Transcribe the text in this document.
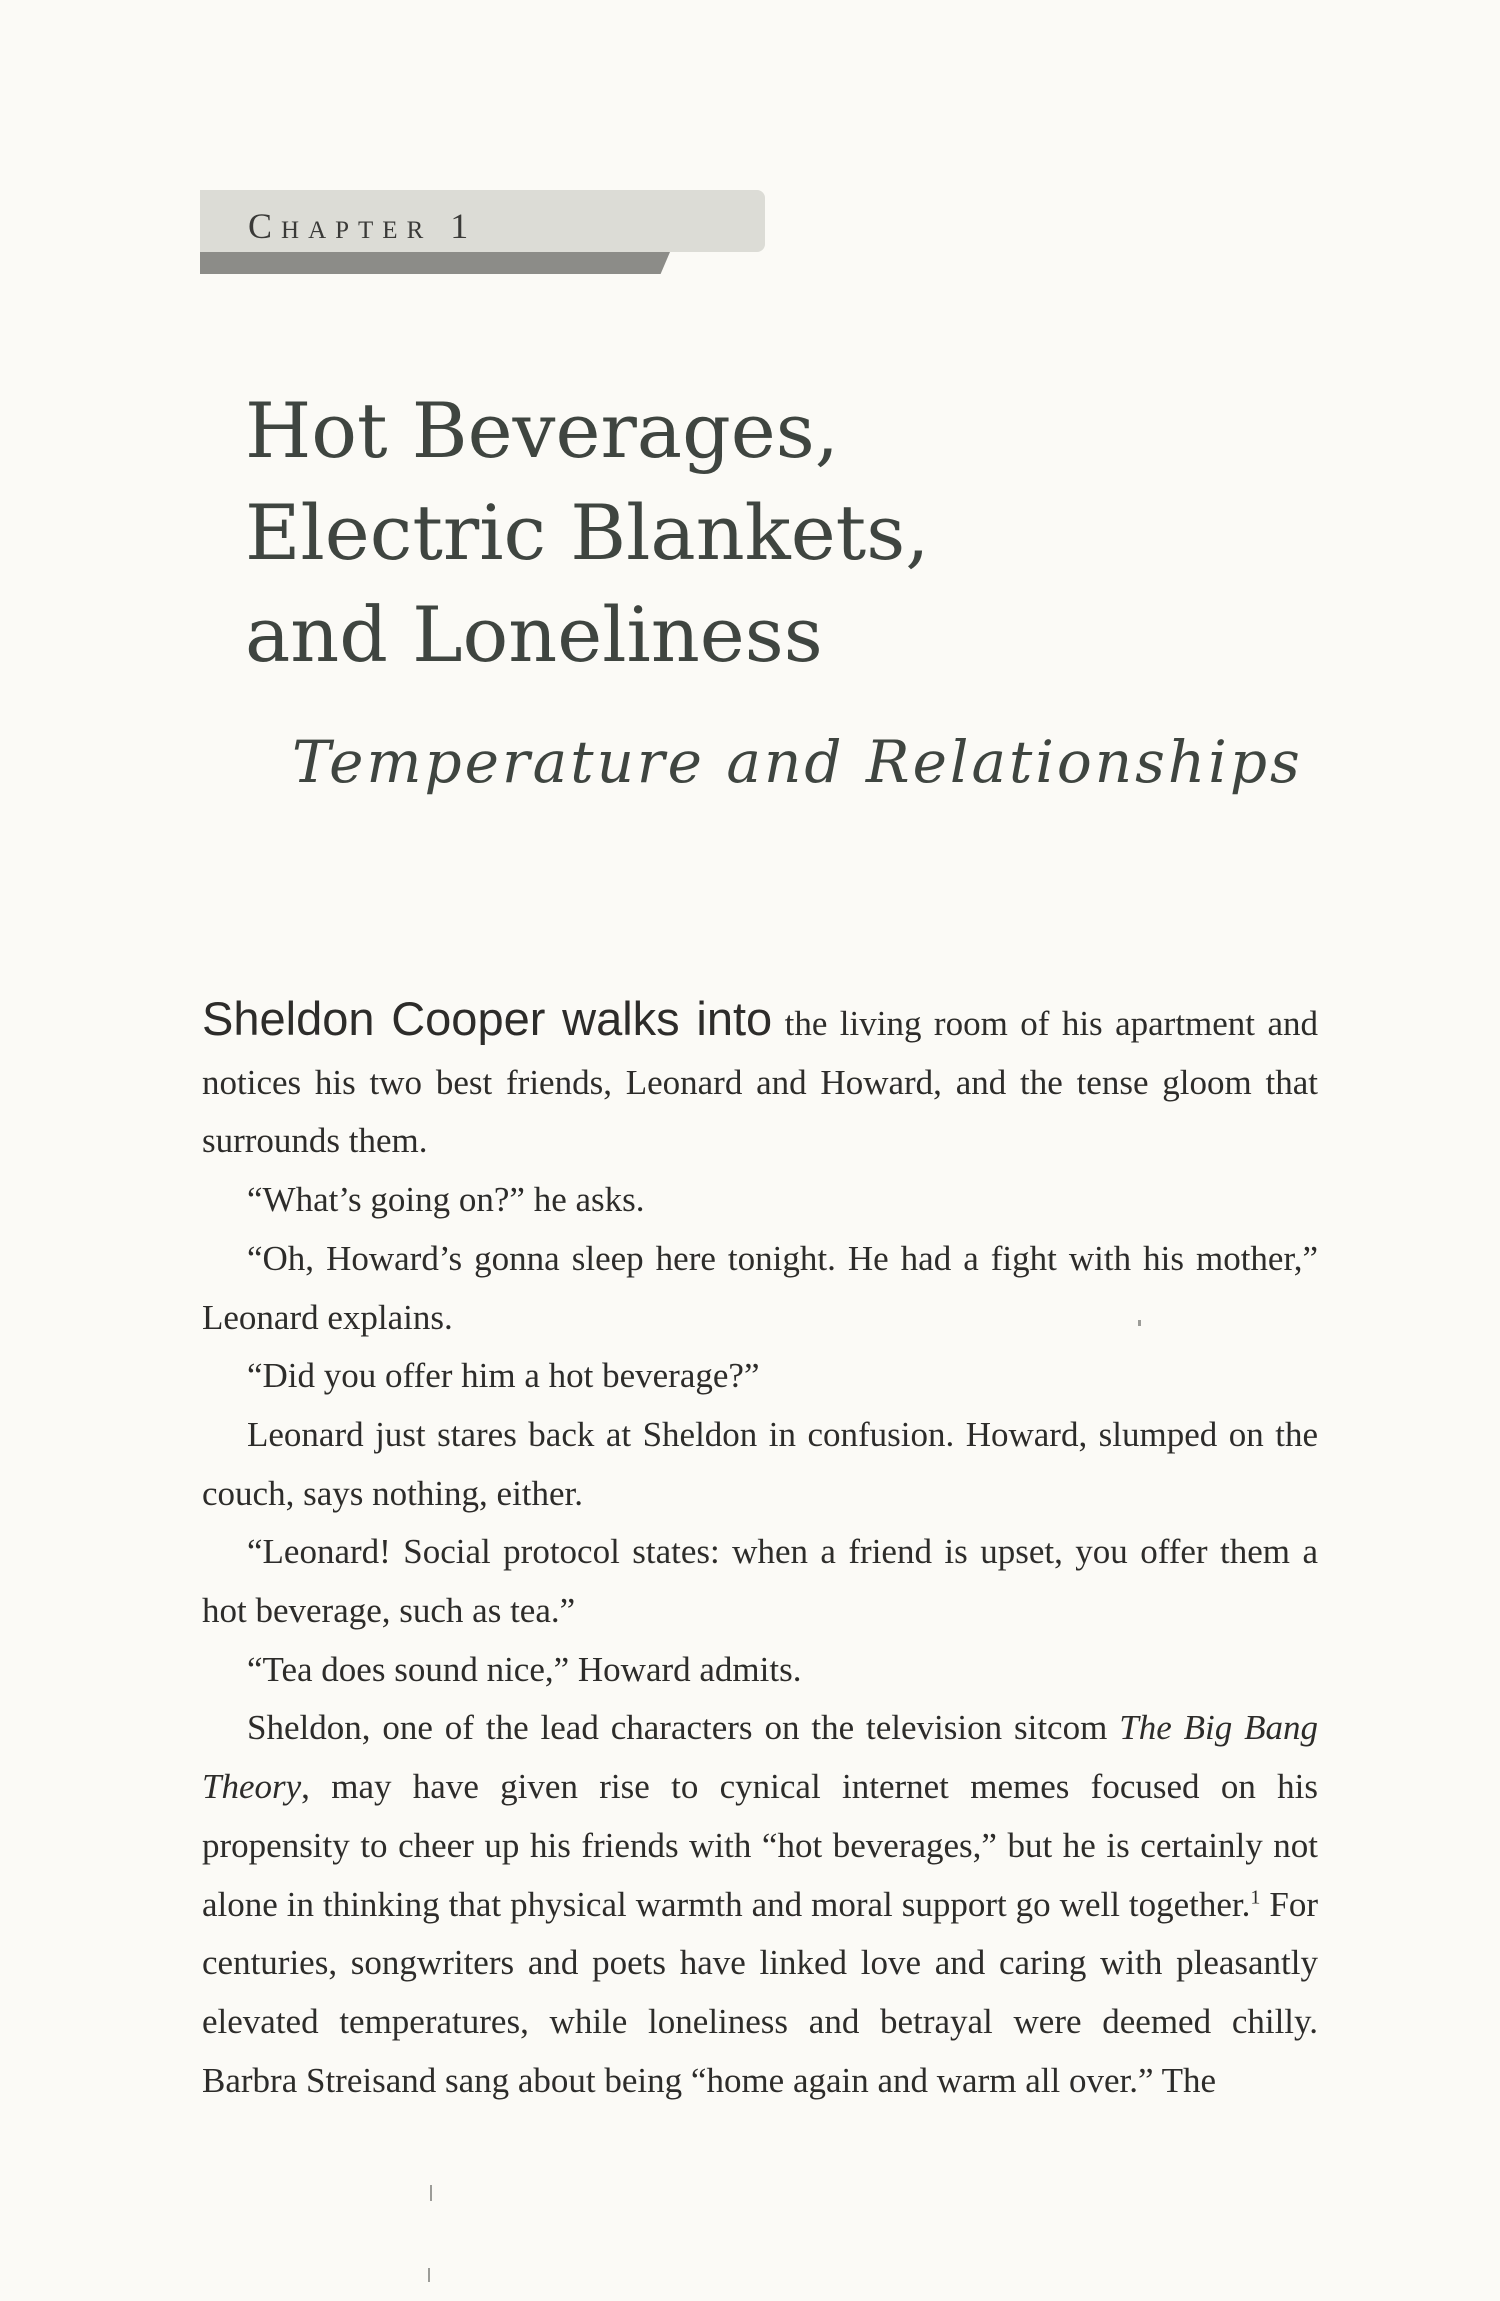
Chapter 1
Hot Beverages,
Electric Blankets,
and Loneliness
Temperature and Relationships

Sheldon Cooper walks into the living room of his apartment and notices his two best friends, Leonard and Howard, and the tense gloom that surrounds them.

“What’s going on?” he asks.

“Oh, Howard’s gonna sleep here tonight. He had a fight with his mother,” Leonard explains.

“Did you offer him a hot beverage?”

Leonard just stares back at Sheldon in confusion. Howard, slumped on the couch, says nothing, either.

“Leonard! Social protocol states: when a friend is upset, you offer them a hot beverage, such as tea.”

“Tea does sound nice,” Howard admits.

Sheldon, one of the lead characters on the television sitcom The Big Bang Theory, may have given rise to cynical internet memes focused on his propensity to cheer up his friends with “hot beverages,” but he is certainly not alone in thinking that physical warmth and moral support go well together.$^1$ For centuries, songwriters and poets have linked love and caring with pleasantly elevated temperatures, while loneliness and betrayal were deemed chilly. Barbra Streisand sang about being “home again and warm all over.” The
